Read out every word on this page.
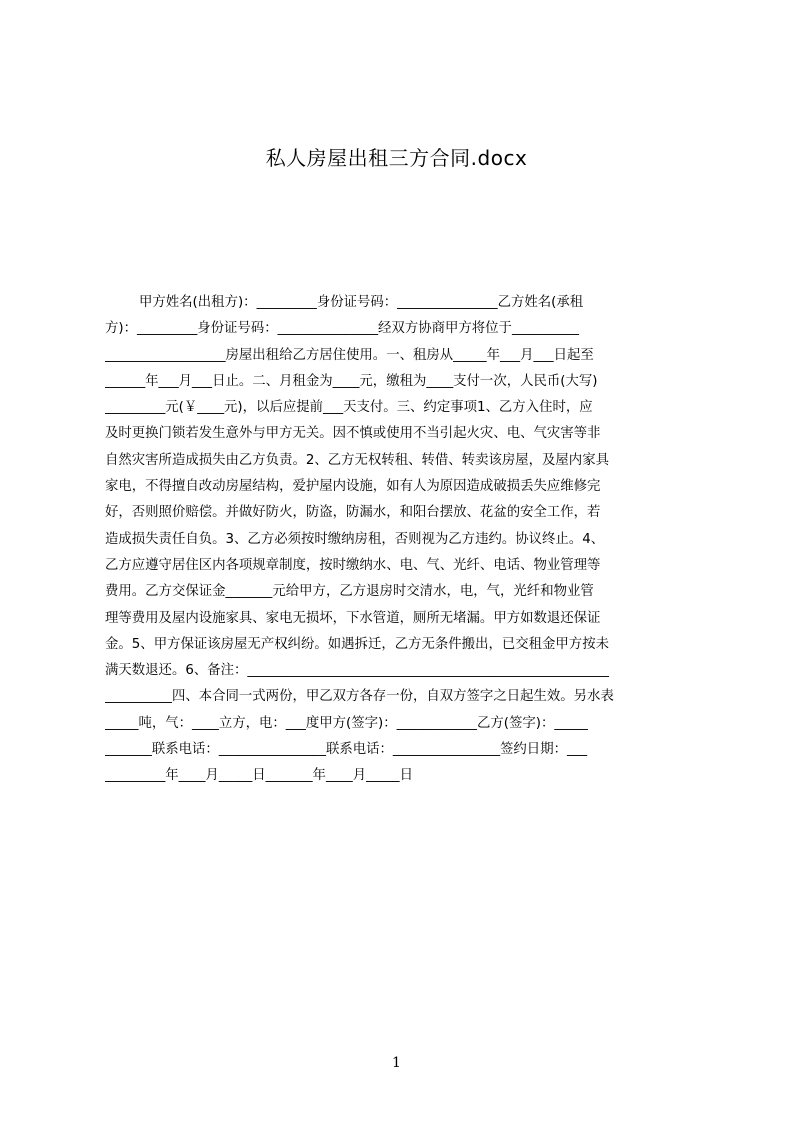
私人房屋出租三方合同.docx
甲方姓名(出租方)：_________身份证号码：_______________乙方姓名(承租
方)：_________身份证号码：_______________经双方协商甲方将位于__________
__________________房屋出租给乙方居住使用。一、租房从_____年___月___日起至
______年___月___日止。二、月租金为____元，缴租为____支付一次，人民币(大写)
_________元(￥____元)，以后应提前___天支付。三、约定事项1、乙方入住时，应
及时更换门锁若发生意外与甲方无关。因不慎或使用不当引起火灾、电、气灾害等非
自然灾害所造成损失由乙方负责。2、乙方无权转租、转借、转卖该房屋，及屋内家具
家电，不得擅自改动房屋结构，爱护屋内设施，如有人为原因造成破损丢失应维修完
好，否则照价赔偿。并做好防火，防盗，防漏水，和阳台摆放、花盆的安全工作，若
造成损失责任自负。3、乙方必须按时缴纳房租，否则视为乙方违约。协议终止。4、
乙方应遵守居住区内各项规章制度，按时缴纳水、电、气、光纤、电话、物业管理等
费用。乙方交保证金_______元给甲方，乙方退房时交清水，电，气，光纤和物业管
理等费用及屋内设施家具、家电无损坏，下水管道，厕所无堵漏。甲方如数退还保证
金。5、甲方保证该房屋无产权纠纷。如遇拆迁，乙方无条件搬出，已交租金甲方按未
满天数退还。6、备注：______________________________________________________
__________四、本合同一式两份，甲乙双方各存一份，自双方签字之日起生效。另水表
_____吨，气：____立方，电：___度甲方(签字)：____________乙方(签字)：_____
_______联系电话：________________联系电话：________________签约日期：___
_________年____月_____日_______年____月_____日
1
